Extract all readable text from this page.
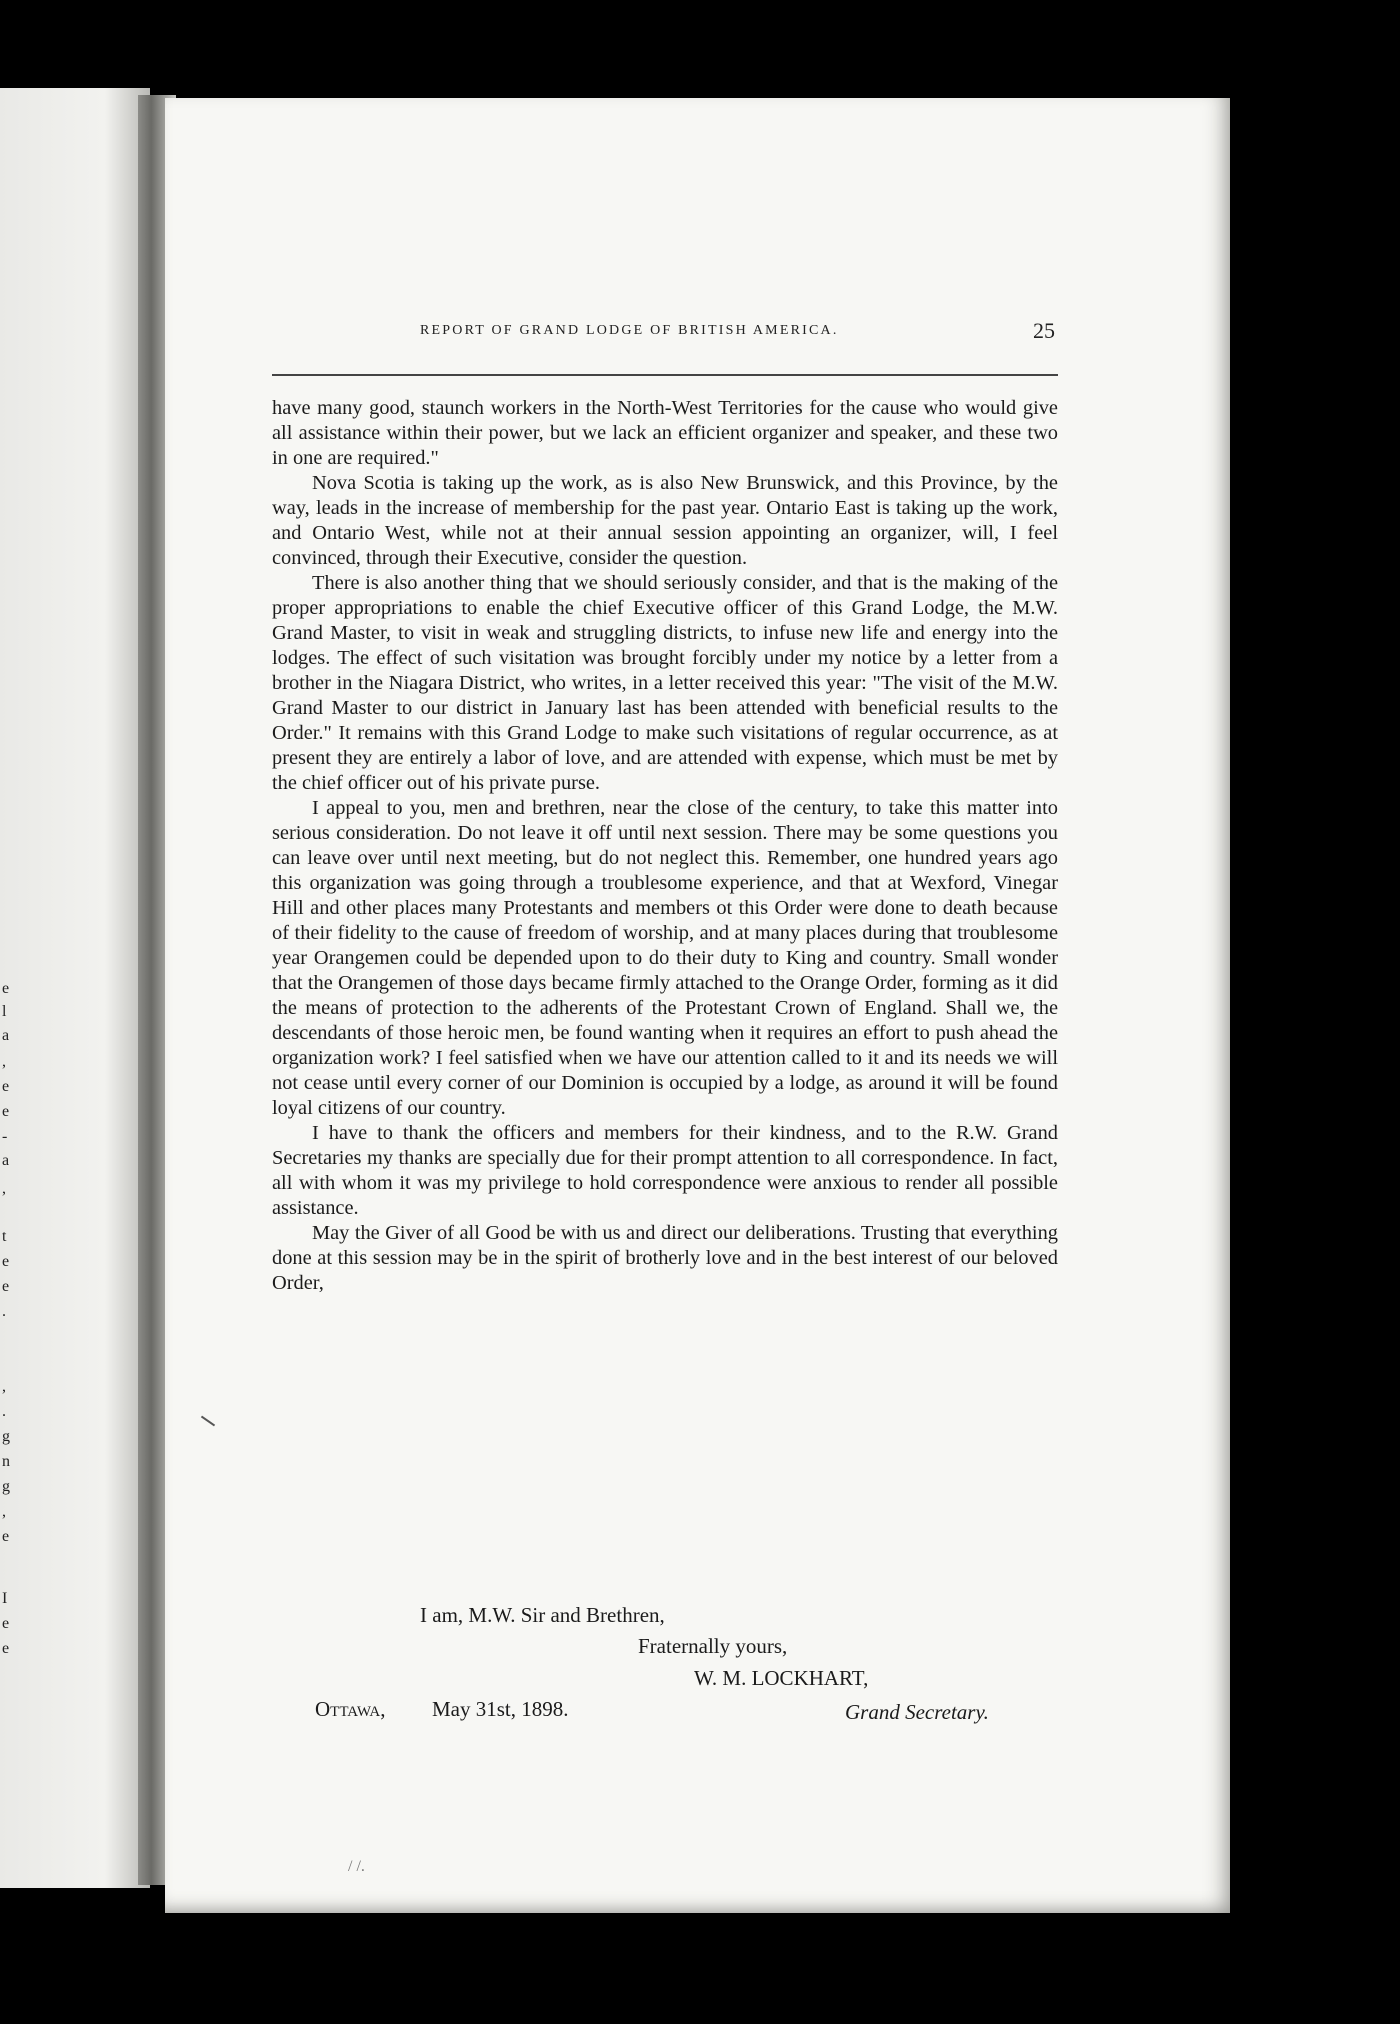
e
l
a
,
e
e
-
a
,
t
e
e
.
,
.
g
n
g
,
e
I
e
e
REPORT OF GRAND LODGE OF BRITISH AMERICA.	25

have many good, staunch workers in the North-West Territories for the cause who would give all assistance within their power, but we lack an efficient organizer and speaker, and these two in one are required."

Nova Scotia is taking up the work, as is also New Brunswick, and this Province, by the way, leads in the increase of membership for the past year. Ontario East is taking up the work, and Ontario West, while not at their annual session appointing an organizer, will, I feel convinced, through their Executive, consider the question.

There is also another thing that we should seriously consider, and that is the making of the proper appropriations to enable the chief Executive officer of this Grand Lodge, the M.W. Grand Master, to visit in weak and struggling districts, to infuse new life and energy into the lodges. The effect of such visitation was brought forcibly under my notice by a letter from a brother in the Niagara District, who writes, in a letter received this year: "The visit of the M.W. Grand Master to our district in January last has been attended with beneficial results to the Order." It remains with this Grand Lodge to make such visitations of regular occurrence, as at present they are entirely a labor of love, and are attended with expense, which must be met by the chief officer out of his private purse.

I appeal to you, men and brethren, near the close of the century, to take this matter into serious consideration. Do not leave it off until next session. There may be some questions you can leave over until next meeting, but do not neglect this. Remember, one hundred years ago this organization was going through a troublesome experience, and that at Wexford, Vinegar Hill and other places many Protestants and members ot this Order were done to death because of their fidelity to the cause of freedom of worship, and at many places during that troublesome year Orangemen could be depended upon to do their duty to King and country. Small wonder that the Orangemen of those days became firmly attached to the Orange Order, forming as it did the means of protection to the adherents of the Protestant Crown of England. Shall we, the descendants of those heroic men, be found wanting when it requires an effort to push ahead the organization work? I feel satisfied when we have our attention called to it and its needs we will not cease until every corner of our Dominion is occupied by a lodge, as around it will be found loyal citizens of our country.

I have to thank the officers and members for their kindness, and to the R.W. Grand Secretaries my thanks are specially due for their prompt attention to all correspondence. In fact, all with whom it was my privilege to hold correspondence were anxious to render all possible assistance.

May the Giver of all Good be with us and direct our deliberations. Trusting that everything done at this session may be in the spirit of brotherly love and in the best interest of our beloved Order,

I am, M.W. Sir and Brethren,
Fraternally yours,
W. M. LOCKHART,
Ottawa, May 31st, 1898.	Grand Secretary.
/ /.
